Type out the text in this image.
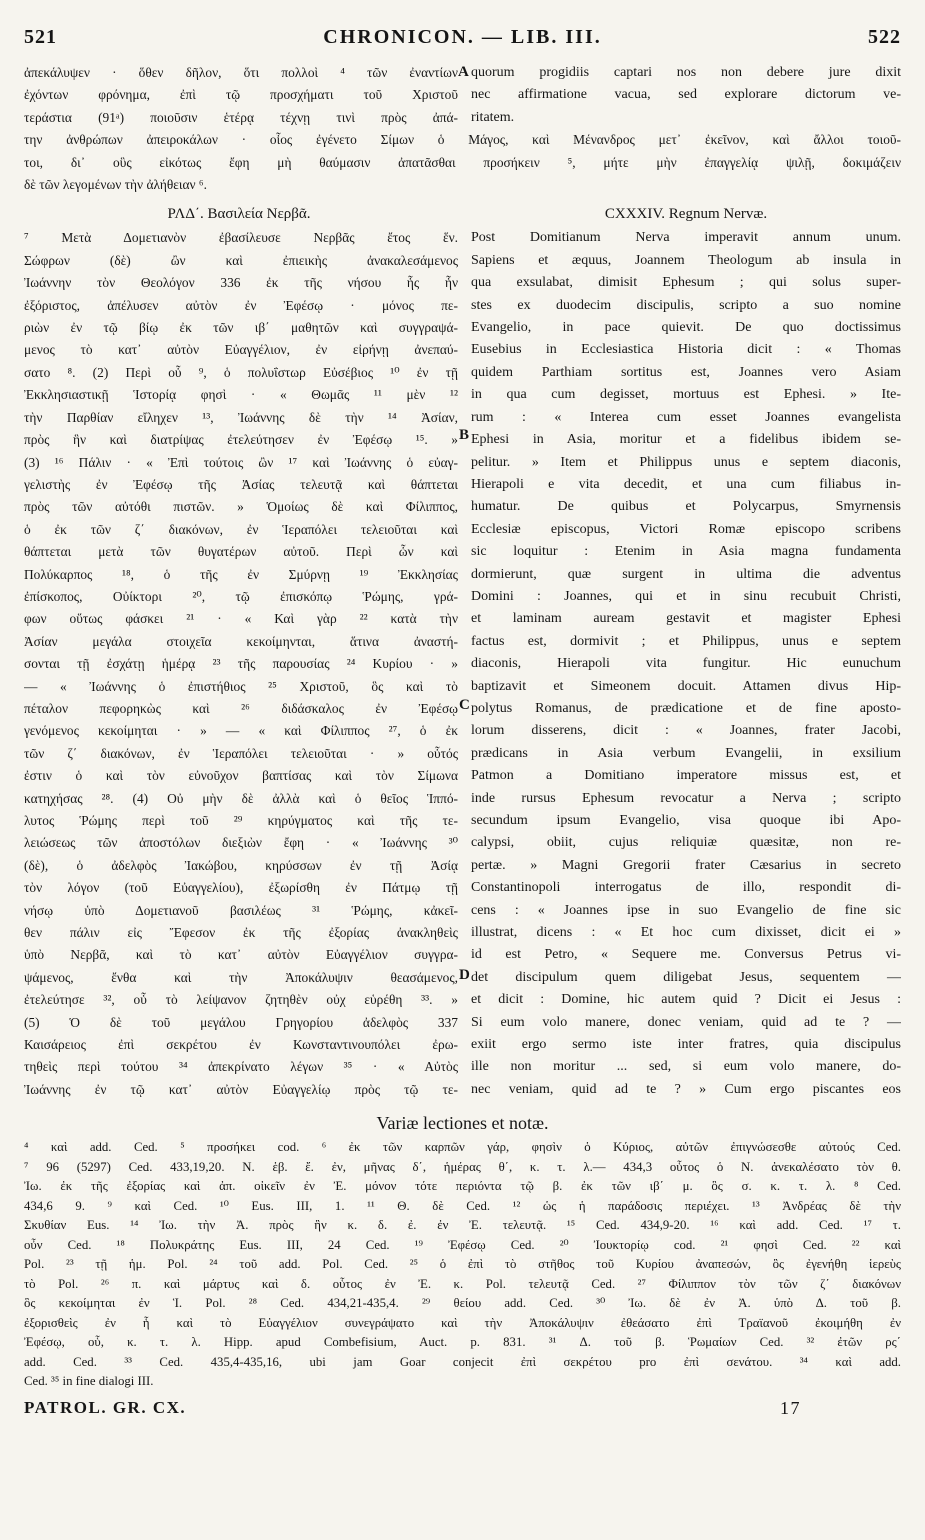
521	CHRONICON. — LIB. III.	522
ἀπεκάλυψεν · ὅθεν δῆλον, ὅτι πολλοὶ ⁴ τῶν ἐναντίων
ἐχόντων φρόνημα, ἐπὶ τῷ προσχήματι τοῦ Χριστοῦ
τεράστια (91ᵃ) ποιοῦσιν ἑτέρᾳ τέχνῃ τινὶ πρὸς ἀπά-
quorum progidiis captari nos non debere jure dixit
nec affirmatione vacua, sed explorare dictorum ve-
ritatem.
A
την ἀνθρώπων ἀπειροκάλων · οἷος ἐγένετο Σίμων ὁ Μάγος, καὶ Μένανδρος μετ᾽ ἐκεῖνον, καὶ ἄλλοι τοιοῦ-
τοι, δι᾽ οὓς εἰκότως ἔφη μὴ θαύμασιν ἀπατᾶσθαι προσήκειν ⁵, μήτε μὴν ἐπαγγελίᾳ ψιλῇ, δοκιμάζειν
δὲ τῶν λεγομένων τὴν ἀλήθειαν ⁶.
ΡΛΔ΄. Βασιλεία Νερβᾶ.	CXXXIV. Regnum Nervæ.
⁷ Μετὰ Δομετιανὸν ἐβασίλευσε Νερβᾶς ἔτος ἕν.
Σώφρων (δὲ) ὢν καὶ ἐπιεικὴς ἀνακαλεσάμενος
Ἰωάννην τὸν Θεολόγον 336 ἐκ τῆς νήσου ἧς ἦν
ἐξόριστος, ἀπέλυσεν αὐτὸν ἐν Ἐφέσῳ · μόνος πε-
ριὼν ἐν τῷ βίῳ ἐκ τῶν ιβ΄ μαθητῶν καὶ συγγραψά-
μενος τὸ κατ᾽ αὐτὸν Εὐαγγέλιον, ἐν εἰρήνῃ ἀνεπαύ-
σατο ⁸. (2) Περὶ οὗ ⁹, ὁ πολυΐστωρ Εὐσέβιος ¹⁰ ἐν τῇ
Ἐκκλησιαστικῇ Ἱστορίᾳ φησὶ · « Θωμᾶς ¹¹ μὲν ¹²
τὴν Παρθίαν εἴληχεν ¹³, Ἰωάννης δὲ τὴν ¹⁴ Ἀσίαν,
πρὸς ἣν καὶ διατρίψας ἐτελεύτησεν ἐν Ἐφέσῳ ¹⁵. »
(3) ¹⁶ Πάλιν · « Ἐπὶ τούτοις ὢν ¹⁷ καὶ Ἰωάννης ὁ εὐαγ-
γελιστὴς ἐν Ἐφέσῳ τῆς Ἀσίας τελευτᾷ καὶ θάπτεται
πρὸς τῶν αὐτόθι πιστῶν. » Ὁμοίως δὲ καὶ Φίλιππος,
ὁ ἐκ τῶν ζ΄ διακόνων, ἐν Ἱεραπόλει τελειοῦται καὶ
θάπτεται μετὰ τῶν θυγατέρων αὐτοῦ. Περὶ ὧν καὶ
Πολύκαρπος ¹⁸, ὁ τῆς ἐν Σμύρνῃ ¹⁹ Ἐκκλησίας
ἐπίσκοπος, Οὐίκτορι ²⁰, τῷ ἐπισκόπῳ Ῥώμης, γρά-
φων οὕτως φάσκει ²¹ · « Καὶ γὰρ ²² κατὰ τὴν
Ἀσίαν μεγάλα στοιχεῖα κεκοίμηνται, ἅτινα ἀναστή-
σονται τῇ ἐσχάτῃ ἡμέρᾳ ²³ τῆς παρουσίας ²⁴ Κυρίου · »
— « Ἰωάννης ὁ ἐπιστήθιος ²⁵ Χριστοῦ, ὃς καὶ τὸ
πέταλον πεφορηκὼς καὶ ²⁶ διδάσκαλος ἐν Ἐφέσῳ
γενόμενος κεκοίμηται · » — « καὶ Φίλιππος ²⁷, ὁ ἐκ
τῶν ζ΄ διακόνων, ἐν Ἱεραπόλει τελειοῦται · » οὗτός
ἐστιν ὁ καὶ τὸν εὐνοῦχον βαπτίσας καὶ τὸν Σίμωνα
κατηχήσας ²⁸. (4) Οὐ μὴν δὲ ἀλλὰ καὶ ὁ θεῖος Ἱππό-
λυτος Ῥώμης περὶ τοῦ ²⁹ κηρύγματος καὶ τῆς τε-
λειώσεως τῶν ἀποστόλων διεξιὼν ἔφη · « Ἰωάννης ³⁰
(δὲ), ὁ ἀδελφὸς Ἰακώβου, κηρύσσων ἐν τῇ Ἀσίᾳ
τὸν λόγον (τοῦ Εὐαγγελίου), ἐξωρίσθη ἐν Πάτμῳ τῇ
νήσῳ ὑπὸ Δομετιανοῦ βασιλέως ³¹ Ῥώμης, κἀκεῖ-
θεν πάλιν εἰς Ἔφεσον ἐκ τῆς ἐξορίας ἀνακληθεὶς
ὑπὸ Νερβᾶ, καὶ τὸ κατ᾽ αὐτὸν Εὐαγγέλιον συγγρα-
ψάμενος, ἔνθα καὶ τὴν Ἀποκάλυψιν θεασάμενος,
ἐτελεύτησε ³², οὗ τὸ λείψανον ζητηθὲν οὐχ εὑρέθη ³³. »
(5) Ὁ δὲ τοῦ μεγάλου Γρηγορίου ἀδελφὸς 337
Καισάρειος ἐπὶ σεκρέτου ἐν Κωνσταντινουπόλει ἐρω-
τηθεὶς περὶ τούτου ³⁴ ἀπεκρίνατο λέγων ³⁵ · « Αὐτὸς
Ἰωάννης ἐν τῷ κατ᾽ αὐτὸν Εὐαγγελίῳ πρὸς τῷ τε-
Post Domitianum Nerva imperavit annum unum.
Sapiens et æquus, Joannem Theologum ab insula in
qua exsulabat, dimisit Ephesum ; qui solus super-
stes ex duodecim discipulis, scripto a suo nomine
Evangelio, in pace quievit. De quo doctissimus
Eusebius in Ecclesiastica Historia dicit : « Thomas
quidem Parthiam sortitus est, Joannes vero Asiam
in qua cum degisset, mortuus est Ephesi. » Ite-
rum : « Interea cum esset Joannes evangelista
Ephesi in Asia, moritur et a fidelibus ibidem se-
pelitur. » Item et Philippus unus e septem diaconis,
Hierapoli e vita decedit, et una cum filiabus in-
humatur. De quibus et Polycarpus, Smyrnensis
Ecclesiæ episcopus, Victori Romæ episcopo scribens
sic loquitur : Etenim in Asia magna fundamenta
dormierunt, quæ surgent in ultima die adventus
Domini : Joannes, qui et in sinu recubuit Christi,
et laminam auream gestavit et magister Ephesi
factus est, dormivit ; et Philippus, unus e septem
diaconis, Hierapoli vita fungitur. Hic eunuchum
baptizavit et Simeonem docuit. Attamen divus Hip-
polytus Romanus, de prædicatione et de fine aposto-
lorum disserens, dicit : « Joannes, frater Jacobi,
prædicans in Asia verbum Evangelii, in exsilium
Patmon a Domitiano imperatore missus est, et
inde rursus Ephesum revocatur a Nerva ; scripto
secundum ipsum Evangelio, visa quoque ibi Apo-
calypsi, obiit, cujus reliquiæ quæsitæ, non re-
pertæ. » Magni Gregorii frater Cæsarius in secreto
Constantinopoli interrogatus de illo, respondit di-
cens : « Joannes ipse in suo Evangelio de fine sic
illustrat, dicens : « Et hoc cum dixisset, dicit ei »
id est Petro, « Sequere me. Conversus Petrus vi-
det discipulum quem diligebat Jesus, sequentem —
et dicit : Domine, hic autem quid ? Dicit ei Jesus :
Si eum volo manere, donec veniam, quid ad te ? —
exiit ergo sermo iste inter fratres, quia discipulus
ille non moritur ... sed, si eum volo manere, do-
nec veniam, quid ad te ? » Cum ergo piscantes eos
B
C
D
Variæ lectiones et notæ.
⁴ καὶ add. Ced. ⁵ προσήκει cod. ⁶ ἐκ τῶν καρπῶν γάρ, φησὶν ὁ Κύριος, αὐτῶν ἐπιγνώσεσθε αὐτούς Ced.
⁷ 96 (5297) Ced. 433,19,20. N. ἑβ. ἔ. ἐν, μῆνας δ΄, ἡμέρας θ΄, κ. τ. λ.— 434,3 οὗτος ὁ Ν. ἀνεκαλέσατο τὸν θ.
Ἰω. ἐκ τῆς ἐξορίας καὶ ἀπ. οἰκεῖν ἐν Ἐ. μόνον τότε περιόντα τῷ β. ἐκ τῶν ιβ΄ μ. ὃς σ. κ. τ. λ. ⁸ Ced.
434,6 9. ⁹ καὶ Ced. ¹⁰ Eus. III, 1. ¹¹ Θ. δὲ Ced. ¹² ὡς ἡ παράδοσις περιέχει. ¹³ Ἀνδρέας δὲ τὴν
Σκυθίαν Eus. ¹⁴ Ἰω. τὴν Ἀ. πρὸς ἣν κ. δ. ἐ. ἐν Ἐ. τελευτᾷ. ¹⁵ Ced. 434,9-20. ¹⁶ καὶ add. Ced. ¹⁷ τ.
οὖν Ced. ¹⁸ Πολυκράτης Eus. III, 24 Ced. ¹⁹ Ἐφέσῳ Ced. ²⁰ Ἰουκτορίῳ cod. ²¹ φησὶ Ced. ²² καὶ
Pol. ²³ τῇ ἡμ. Pol. ²⁴ τοῦ add. Pol. Ced. ²⁵ ὁ ἐπὶ τὸ στῆθος τοῦ Κυρίου ἀναπεσών, ὃς ἐγενήθη ἱερεὺς
τὸ Pol. ²⁶ π. καὶ μάρτυς καὶ δ. οὗτος ἐν Ἐ. κ. Pol. τελευτᾷ Ced. ²⁷ Φίλιππον τὸν τῶν ζ΄ διακόνων
ὃς κεκοίμηται ἐν Ἱ. Pol. ²⁸ Ced. 434,21-435,4. ²⁹ θείου add. Ced. ³⁰ Ἰω. δὲ ἐν Ἀ. ὑπὸ Δ. τοῦ β.
ἐξορισθεὶς ἐν ἧ καὶ τὸ Εὐαγγέλιον συνεγράψατο καὶ τὴν Ἀποκάλυψιν ἐθεάσατο ἐπὶ Τραϊανοῦ ἐκοιμήθη ἐν
Ἐφέσῳ, οὗ, κ. τ. λ. Hipp. apud Combefisium, Auct. p. 831. ³¹ Δ. τοῦ β. Ῥωμαίων Ced. ³² ἐτῶν ρς΄
add. Ced. ³³ Ced. 435,4-435,16, ubi jam Goar conjecit ἐπὶ σεκρέτου pro ἐπὶ σενάτου. ³⁴ καὶ add.
Ced. ³⁵ in fine dialogi III.
PATROL. GR. CX.	17
